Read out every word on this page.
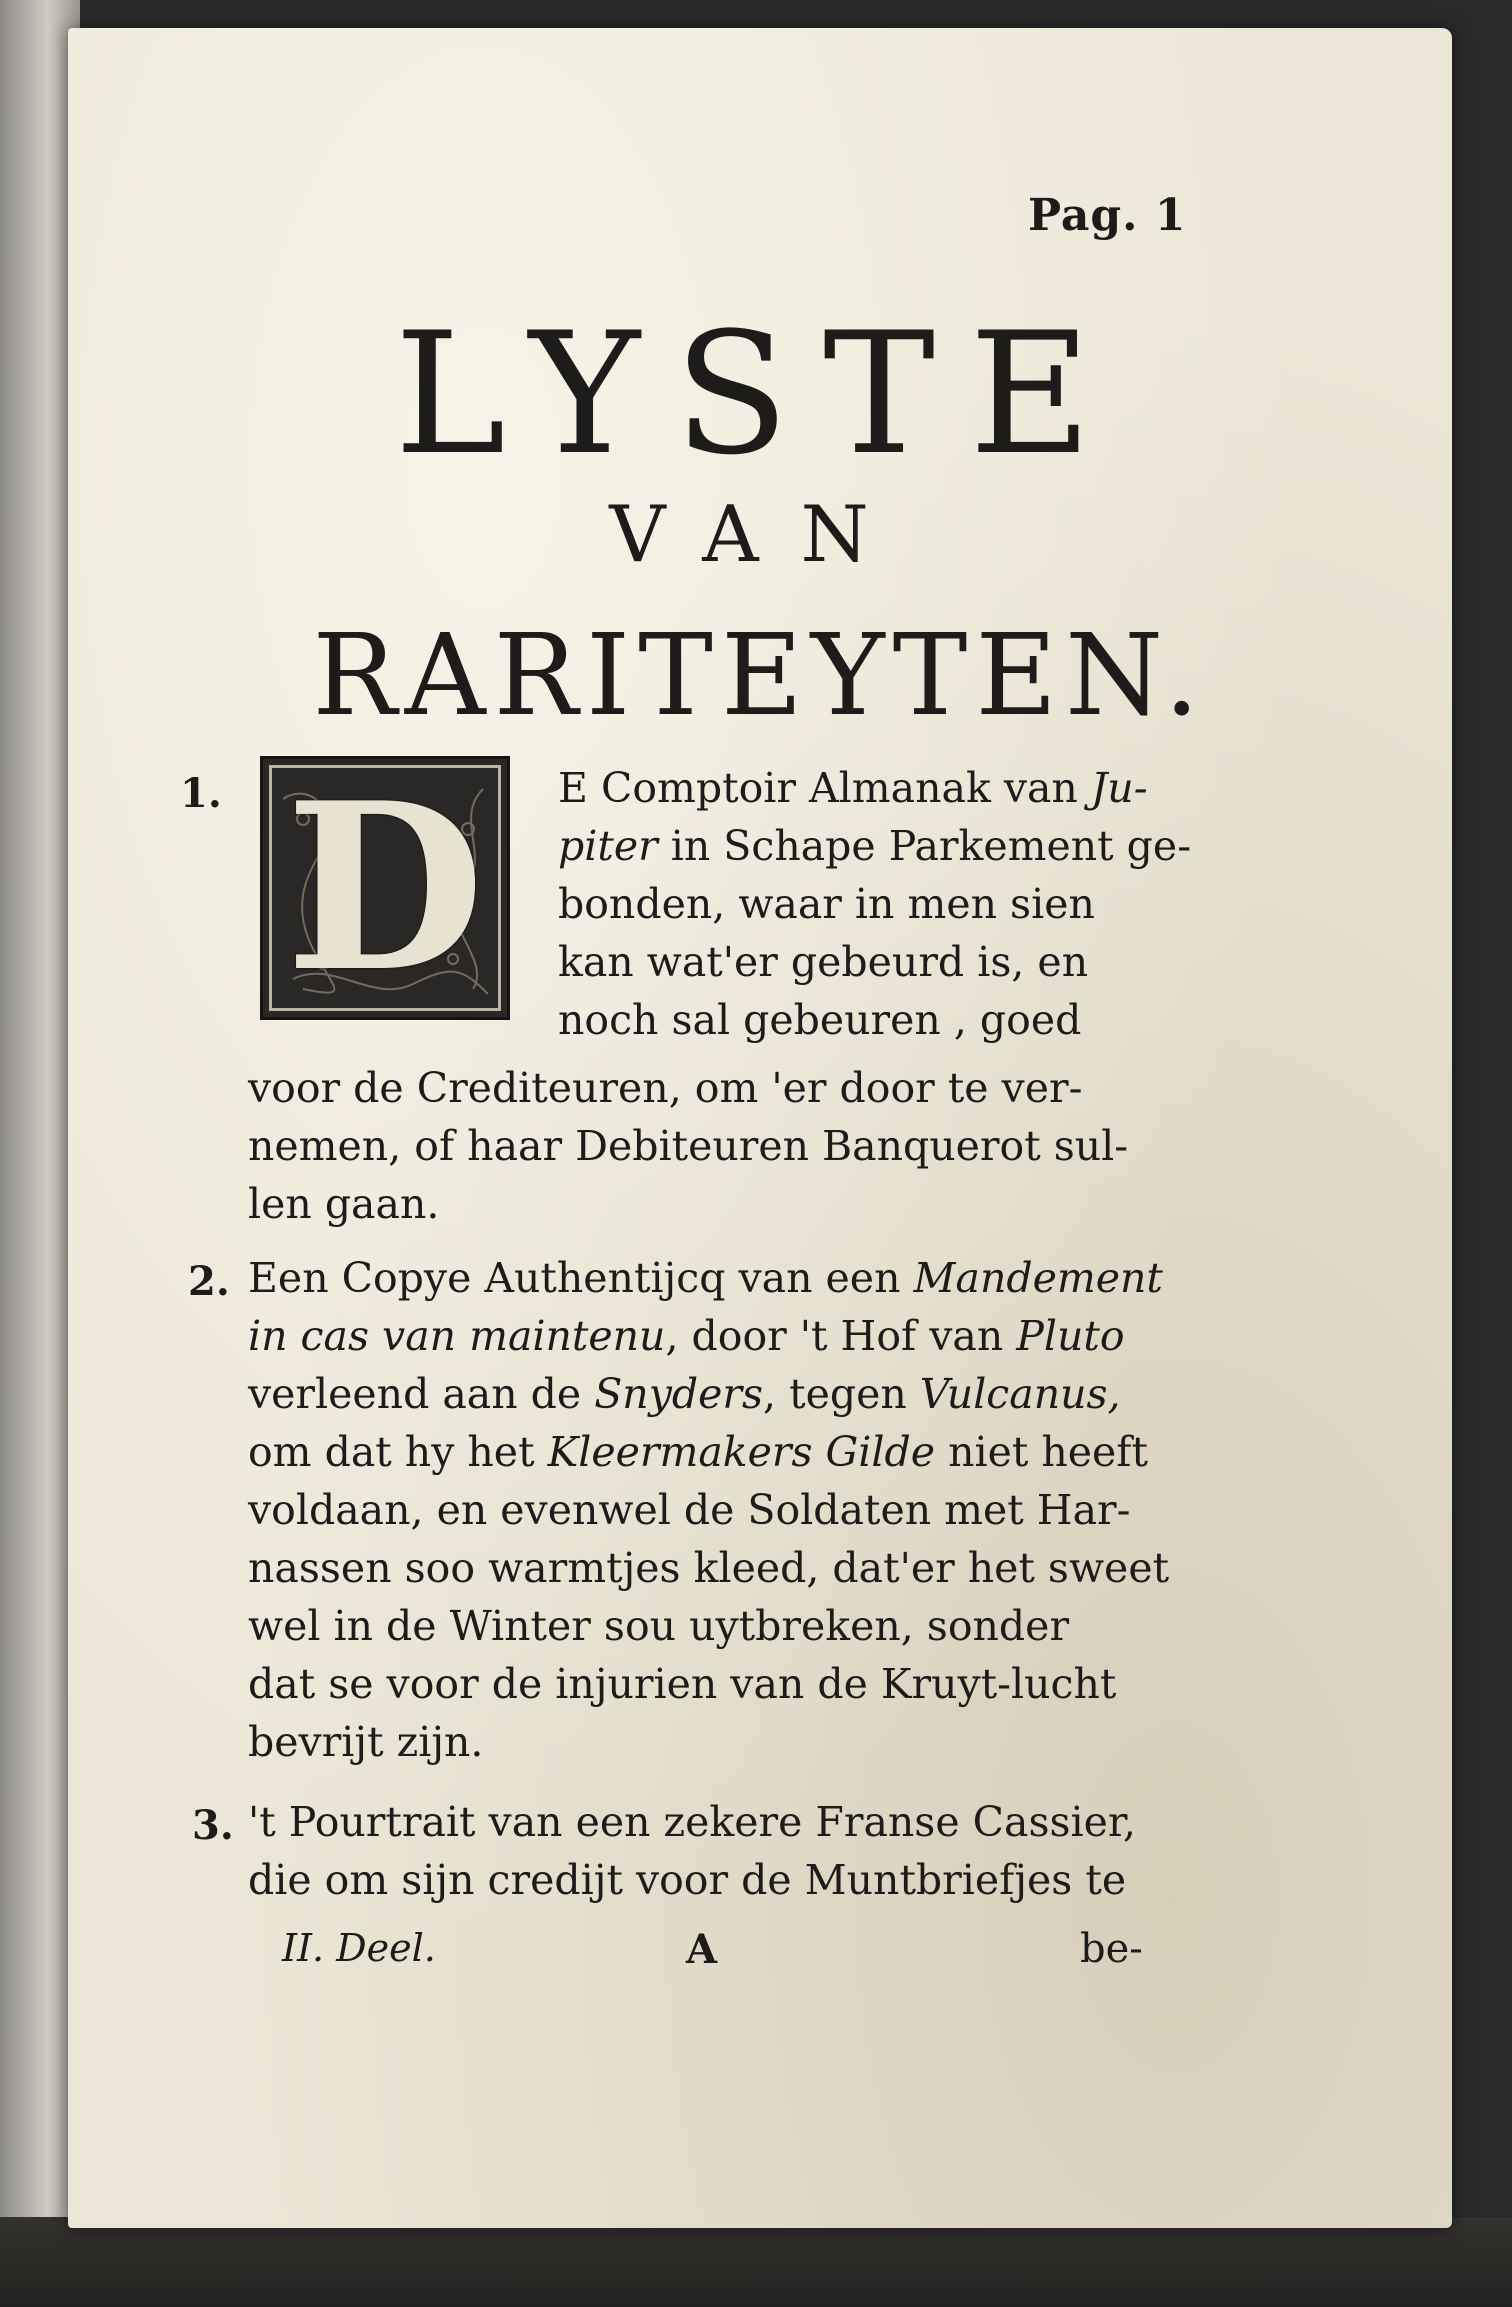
Pag. 1
LYSTE
VAN
RARITEYTEN.
1. D	E Comptoir Almanak van Ju-
piter in Schape Parkement ge-
bonden, waar in men sien
kan wat'er gebeurd is, en
noch sal gebeuren , goed
voor de Crediteuren, om 'er door te ver-
nemen, of haar Debiteuren Banquerot sul-
len gaan.
2. Een Copye Authentijcq van een Mandement
in cas van maintenu, door 't Hof van Pluto
verleend aan de Snyders, tegen Vulcanus,
om dat hy het Kleermakers Gilde niet heeft
voldaan, en evenwel de Soldaten met Har-
nassen soo warmtjes kleed, dat'er het sweet
wel in de Winter sou uytbreken, sonder
dat se voor de injurien van de Kruyt-lucht
bevrijt zijn.
3. 't Pourtrait van een zekere Franse Cassier,
die om sijn credijt voor de Muntbriefjes te
II. Deel.	A	be-
